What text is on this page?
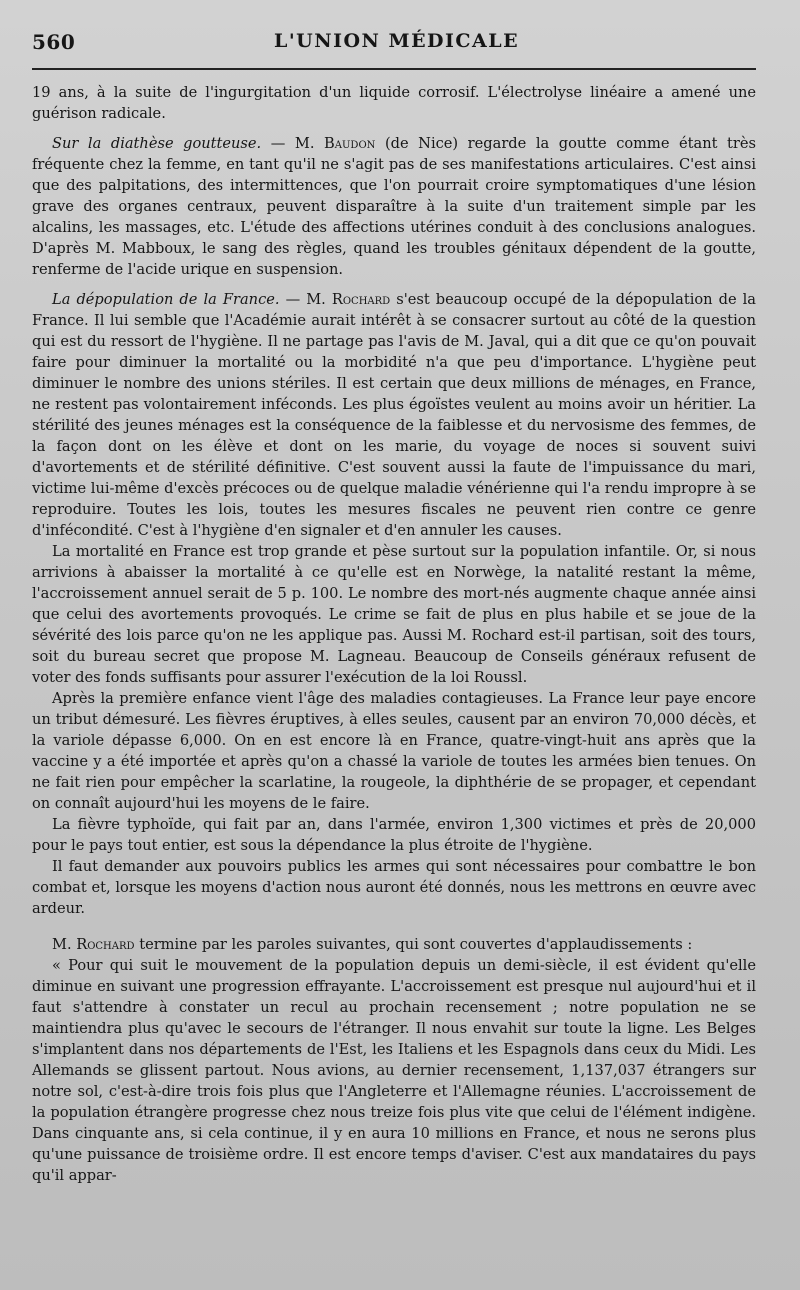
560	L'UNION MÉDICALE

19 ans, à la suite de l'ingurgitation d'un liquide corrosif. L'électrolyse linéaire a amené une guérison radicale.

Sur la diathèse goutteuse. — M. Baudon (de Nice) regarde la goutte comme étant très fréquente chez la femme, en tant qu'il ne s'agit pas de ses manifestations articulaires. C'est ainsi que des palpitations, des intermittences, que l'on pourrait croire symptomatiques d'une lésion grave des organes centraux, peuvent disparaître à la suite d'un traitement simple par les alcalins, les massages, etc. L'étude des affections utérines conduit à des conclusions analogues. D'après M. Mabboux, le sang des règles, quand les troubles génitaux dépendent de la goutte, renferme de l'acide urique en suspension.

La dépopulation de la France. — M. Rochard s'est beaucoup occupé de la dépopulation de la France. Il lui semble que l'Académie aurait intérêt à se consacrer surtout au côté de la question qui est du ressort de l'hygiène. Il ne partage pas l'avis de M. Javal, qui a dit que ce qu'on pouvait faire pour diminuer la mortalité ou la morbidité n'a que peu d'importance. L'hygiène peut diminuer le nombre des unions stériles. Il est certain que deux millions de ménages, en France, ne restent pas volontairement inféconds. Les plus égoïstes veulent au moins avoir un héritier. La stérilité des jeunes ménages est la conséquence de la faiblesse et du nervosisme des femmes, de la façon dont on les élève et dont on les marie, du voyage de noces si souvent suivi d'avortements et de stérilité définitive. C'est souvent aussi la faute de l'impuissance du mari, victime lui-même d'excès précoces ou de quelque maladie vénérienne qui l'a rendu impropre à se reproduire. Toutes les lois, toutes les mesures fiscales ne peuvent rien contre ce genre d'infécondité. C'est à l'hygiène d'en signaler et d'en annuler les causes.

La mortalité en France est trop grande et pèse surtout sur la population infantile. Or, si nous arrivions à abaisser la mortalité à ce qu'elle est en Norwège, la natalité restant la même, l'accroissement annuel serait de 5 p. 100. Le nombre des mort-nés augmente chaque année ainsi que celui des avortements provoqués. Le crime se fait de plus en plus habile et se joue de la sévérité des lois parce qu'on ne les applique pas. Aussi M. Rochard est-il partisan, soit des tours, soit du bureau secret que propose M. Lagneau. Beaucoup de Conseils généraux refusent de voter des fonds suffisants pour assurer l'exécution de la loi Roussl.

Après la première enfance vient l'âge des maladies contagieuses. La France leur paye encore un tribut démesuré. Les fièvres éruptives, à elles seules, causent par an environ 70,000 décès, et la variole dépasse 6,000. On en est encore là en France, quatre-vingt-huit ans après que la vaccine y a été importée et après qu'on a chassé la variole de toutes les armées bien tenues. On ne fait rien pour empêcher la scarlatine, la rougeole, la diphthérie de se propager, et cependant on connaît aujourd'hui les moyens de le faire.

La fièvre typhoïde, qui fait par an, dans l'armée, environ 1,300 victimes et près de 20,000 pour le pays tout entier, est sous la dépendance la plus étroite de l'hygiène.

Il faut demander aux pouvoirs publics les armes qui sont nécessaires pour combattre le bon combat et, lorsque les moyens d'action nous auront été donnés, nous les mettrons en œuvre avec ardeur.

M. Rochard termine par les paroles suivantes, qui sont couvertes d'applaudissements :

« Pour qui suit le mouvement de la population depuis un demi-siècle, il est évident qu'elle diminue en suivant une progression effrayante. L'accroissement est presque nul aujourd'hui et il faut s'attendre à constater un recul au prochain recensement ; notre population ne se maintiendra plus qu'avec le secours de l'étranger. Il nous envahit sur toute la ligne. Les Belges s'implantent dans nos départements de l'Est, les Italiens et les Espagnols dans ceux du Midi. Les Allemands se glissent partout. Nous avions, au dernier recensement, 1,137,037 étrangers sur notre sol, c'est-à-dire trois fois plus que l'Angleterre et l'Allemagne réunies. L'accroissement de la population étrangère progresse chez nous treize fois plus vite que celui de l'élément indigène. Dans cinquante ans, si cela continue, il y en aura 10 millions en France, et nous ne serons plus qu'une puissance de troisième ordre. Il est encore temps d'aviser. C'est aux mandataires du pays qu'il appar-
